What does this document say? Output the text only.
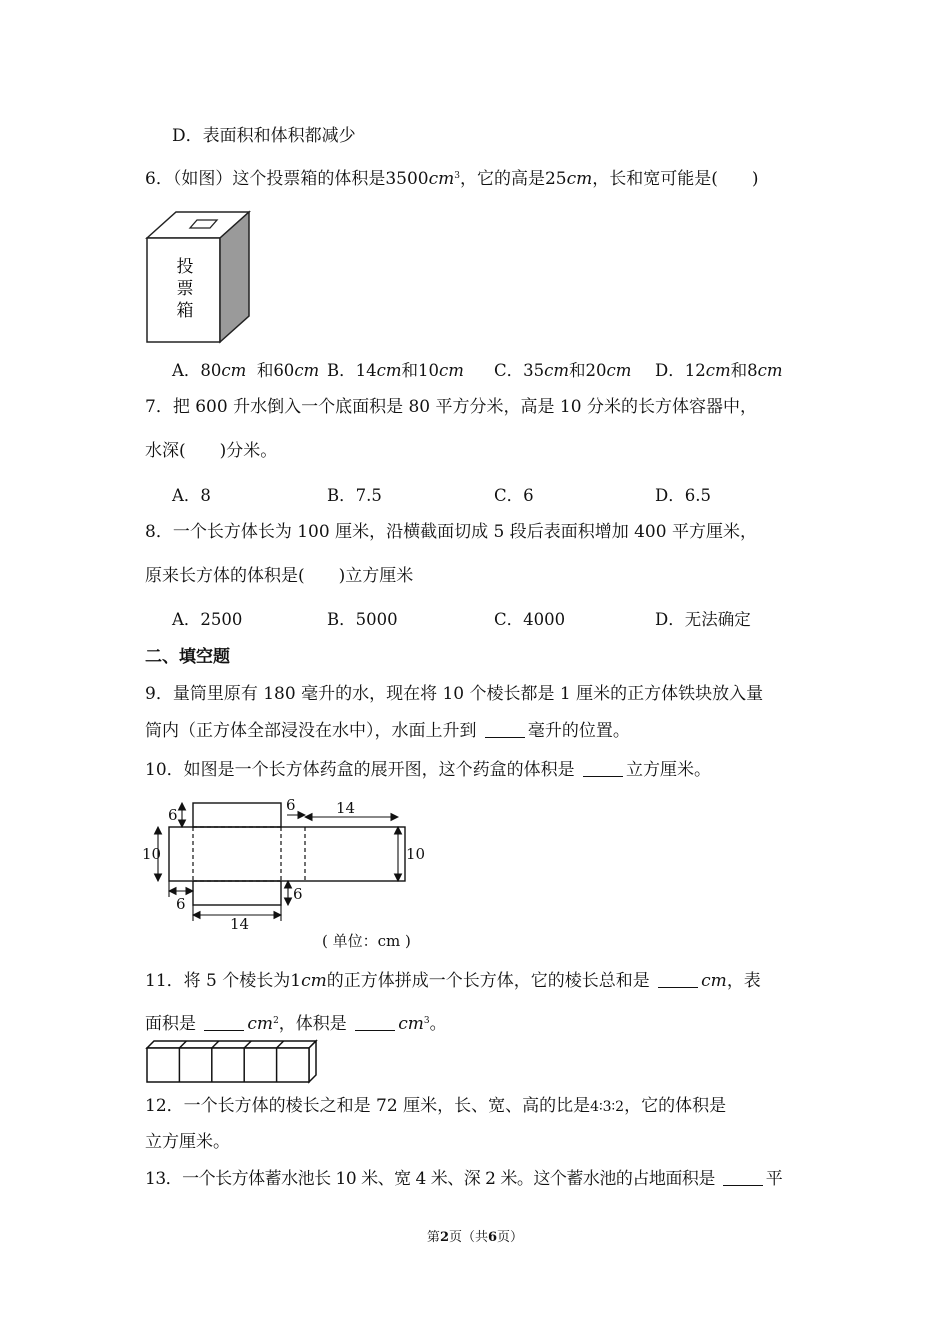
D．表面积和体积都减少
6．（如图）这个投票箱的体积是$3500cm^3$，它的高是25cm，长和宽可能是( )
投
票
箱
A．80cm 和60cm B．14cm和10cm C．35cm和20cm D．12cm和8cm
7．把 600 升水倒入一个底面积是 80 平方分米，高是 10 分米的长方体容器中，
水深( )分米。
A．8	B．7.5	C．6	D．6.5
8．一个长方体长为 100 厘米，沿横截面切成 5 段后表面积增加 400 平方厘米，
原来长方体的体积是( )立方厘米
A．2500	B．5000	C．4000	D．无法确定
二、填空题
9．量筒里原有 180 毫升的水，现在将 10 个棱长都是 1 厘米的正方体铁块放入量
筒内（正方体全部浸没在水中），水面上升到	毫升的位置。
10．如图是一个长方体药盒的展开图，这个药盒的体积是	立方厘米。
6
6	14
10	10
6
6
14
( 单位：cm )
11．将 5 个棱长为1cm的正方体拼成一个长方体，它的棱长总和是	cm，表
面积是	$cm^2$，体积是	$cm^3$。
12．一个长方体的棱长之和是 72 厘米，长、宽、高的比是4∶3∶2，它的体积是
立方厘米。
13．一个长方体蓄水池长 10 米、宽 4 米、深 2 米。这个蓄水池的占地面积是	平
第2页（共6页）
